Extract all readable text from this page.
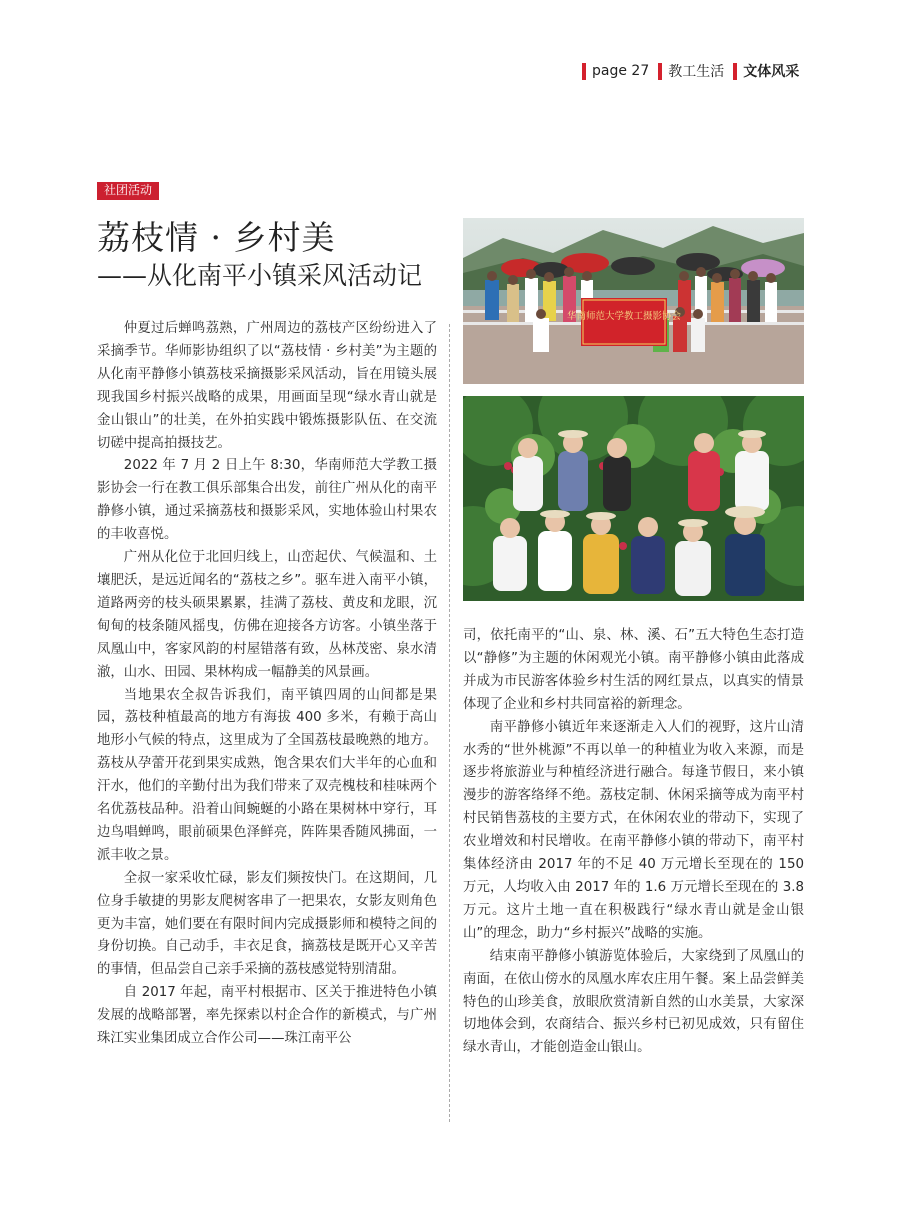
page 27 教工生活 文体风采
社团活动
荔枝情 · 乡村美
——从化南平小镇采风活动记

仲夏过后蝉鸣荔熟，广州周边的荔枝产区纷纷进入了采摘季节。华师影协组织了以“荔枝情 · 乡村美”为主题的从化南平静修小镇荔枝采摘摄影采风活动，旨在用镜头展现我国乡村振兴战略的成果，用画面呈现“绿水青山就是金山银山”的壮美，在外拍实践中锻炼摄影队伍、在交流切磋中提高拍摄技艺。

2022 年 7 月 2 日上午 8:30，华南师范大学教工摄影协会一行在教工俱乐部集合出发，前往广州从化的南平静修小镇，通过采摘荔枝和摄影采风，实地体验山村果农的丰收喜悦。

广州从化位于北回归线上，山峦起伏、气候温和、土壤肥沃，是远近闻名的“荔枝之乡”。驱车进入南平小镇，道路两旁的枝头硕果累累，挂满了荔枝、黄皮和龙眼，沉甸甸的枝条随风摇曳，仿佛在迎接各方访客。小镇坐落于凤凰山中，客家风韵的村屋错落有致，丛林茂密、泉水清澈，山水、田园、果林构成一幅静美的风景画。

当地果农全叔告诉我们，南平镇四周的山间都是果园，荔枝种植最高的地方有海拔 400 多米，有赖于高山地形小气候的特点，这里成为了全国荔枝最晚熟的地方。荔枝从孕蕾开花到果实成熟，饱含果农们大半年的心血和汗水，他们的辛勤付出为我们带来了双壳槐枝和桂味两个名优荔枝品种。沿着山间蜿蜒的小路在果树林中穿行，耳边鸟唱蝉鸣，眼前硕果色泽鲜亮，阵阵果香随风拂面，一派丰收之景。

全叔一家采收忙碌，影友们频按快门。在这期间，几位身手敏捷的男影友爬树客串了一把果农，女影友则角色更为丰富，她们要在有限时间内完成摄影师和模特之间的身份切换。自己动手，丰衣足食，摘荔枝是既开心又辛苦的事情，但品尝自己亲手采摘的荔枝感觉特别清甜。

自 2017 年起，南平村根据市、区关于推进特色小镇发展的战略部署，率先探索以村企合作的新模式，与广州珠江实业集团成立合作公司——珠江南平公

华南师范大学教工摄影协会

司，依托南平的“山、泉、林、溪、石”五大特色生态打造以“静修”为主题的休闲观光小镇。南平静修小镇由此落成并成为市民游客体验乡村生活的网红景点，以真实的情景体现了企业和乡村共同富裕的新理念。

南平静修小镇近年来逐渐走入人们的视野，这片山清水秀的“世外桃源”不再以单一的种植业为收入来源，而是逐步将旅游业与种植经济进行融合。每逢节假日，来小镇漫步的游客络绎不绝。荔枝定制、休闲采摘等成为南平村村民销售荔枝的主要方式，在休闲农业的带动下，实现了农业增效和村民增收。在南平静修小镇的带动下，南平村集体经济由 2017 年的不足 40 万元增长至现在的 150 万元，人均收入由 2017 年的 1.6 万元增长至现在的 3.8 万元。这片土地一直在积极践行“绿水青山就是金山银山”的理念，助力“乡村振兴”战略的实施。

结束南平静修小镇游览体验后，大家绕到了凤凰山的南面，在依山傍水的凤凰水库农庄用午餐。案上品尝鲜美特色的山珍美食，放眼欣赏清新自然的山水美景，大家深切地体会到，农商结合、振兴乡村已初见成效，只有留住绿水青山，才能创造金山银山。
